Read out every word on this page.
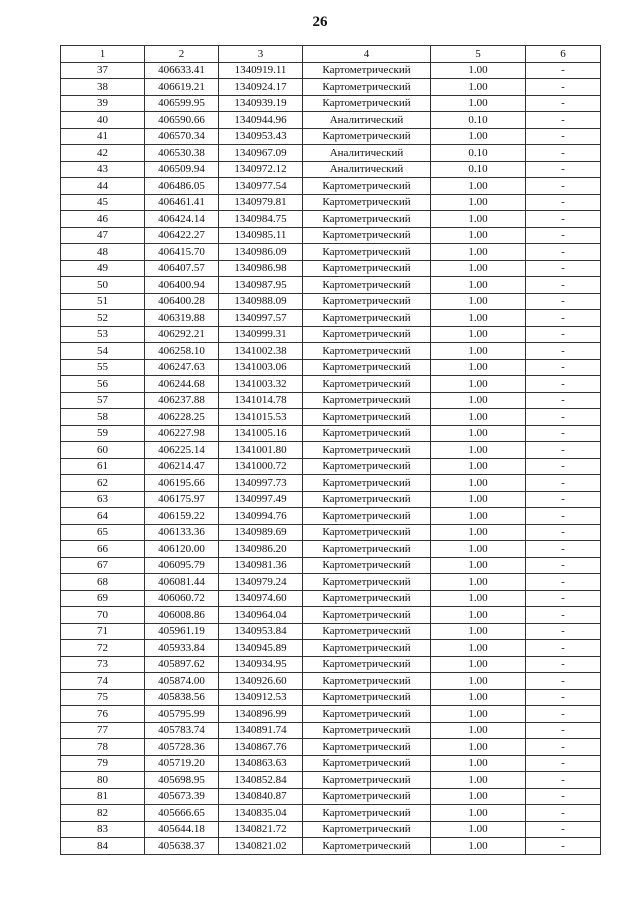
26
1	2	3	4	5	6
37	406633.41	1340919.11	Картометрический	1.00	-
38	406619.21	1340924.17	Картометрический	1.00	-
39	406599.95	1340939.19	Картометрический	1.00	-
40	406590.66	1340944.96	Аналитический	0.10	-
41	406570.34	1340953.43	Картометрический	1.00	-
42	406530.38	1340967.09	Аналитический	0.10	-
43	406509.94	1340972.12	Аналитический	0.10	-
44	406486.05	1340977.54	Картометрический	1.00	-
45	406461.41	1340979.81	Картометрический	1.00	-
46	406424.14	1340984.75	Картометрический	1.00	-
47	406422.27	1340985.11	Картометрический	1.00	-
48	406415.70	1340986.09	Картометрический	1.00	-
49	406407.57	1340986.98	Картометрический	1.00	-
50	406400.94	1340987.95	Картометрический	1.00	-
51	406400.28	1340988.09	Картометрический	1.00	-
52	406319.88	1340997.57	Картометрический	1.00	-
53	406292.21	1340999.31	Картометрический	1.00	-
54	406258.10	1341002.38	Картометрический	1.00	-
55	406247.63	1341003.06	Картометрический	1.00	-
56	406244.68	1341003.32	Картометрический	1.00	-
57	406237.88	1341014.78	Картометрический	1.00	-
58	406228.25	1341015.53	Картометрический	1.00	-
59	406227.98	1341005.16	Картометрический	1.00	-
60	406225.14	1341001.80	Картометрический	1.00	-
61	406214.47	1341000.72	Картометрический	1.00	-
62	406195.66	1340997.73	Картометрический	1.00	-
63	406175.97	1340997.49	Картометрический	1.00	-
64	406159.22	1340994.76	Картометрический	1.00	-
65	406133.36	1340989.69	Картометрический	1.00	-
66	406120.00	1340986.20	Картометрический	1.00	-
67	406095.79	1340981.36	Картометрический	1.00	-
68	406081.44	1340979.24	Картометрический	1.00	-
69	406060.72	1340974.60	Картометрический	1.00	-
70	406008.86	1340964.04	Картометрический	1.00	-
71	405961.19	1340953.84	Картометрический	1.00	-
72	405933.84	1340945.89	Картометрический	1.00	-
73	405897.62	1340934.95	Картометрический	1.00	-
74	405874.00	1340926.60	Картометрический	1.00	-
75	405838.56	1340912.53	Картометрический	1.00	-
76	405795.99	1340896.99	Картометрический	1.00	-
77	405783.74	1340891.74	Картометрический	1.00	-
78	405728.36	1340867.76	Картометрический	1.00	-
79	405719.20	1340863.63	Картометрический	1.00	-
80	405698.95	1340852.84	Картометрический	1.00	-
81	405673.39	1340840.87	Картометрический	1.00	-
82	405666.65	1340835.04	Картометрический	1.00	-
83	405644.18	1340821.72	Картометрический	1.00	-
84	405638.37	1340821.02	Картометрический	1.00	-
